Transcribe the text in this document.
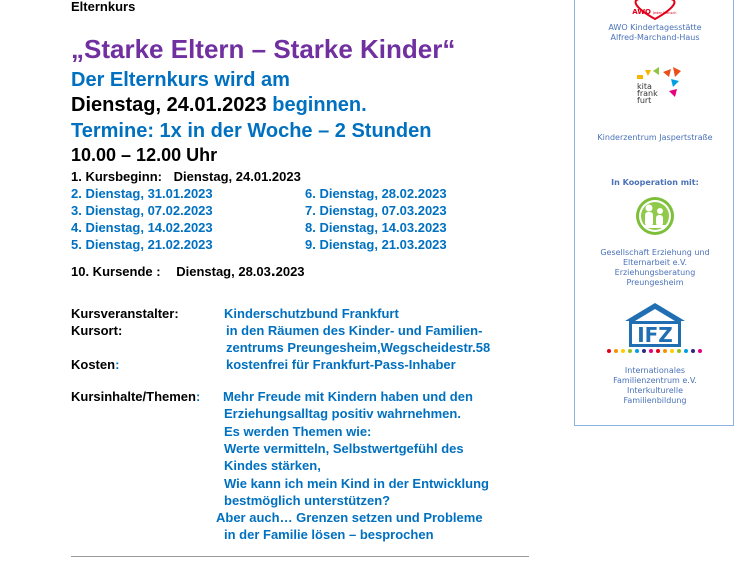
Elternkurs
„Starke Eltern – Starke Kinder“
Der Elternkurs wird am
Dienstag, 24.01.2023 beginnen.
Termine: 1x in der Woche – 2 Stunden
10.00 – 12.00 Uhr
1. Kursbeginn: Dienstag, 24.01.2023
2. Dienstag, 31.01.2023
3. Dienstag, 07.02.2023
4. Dienstag, 14.02.2023
5. Dienstag, 21.02.2023
6. Dienstag, 28.02.2023
7. Dienstag, 07.03.2023
8. Dienstag, 14.03.2023
9. Dienstag, 21.03.2023
10. Kursende : Dienstag, 28.03.2023
Kursveranstalter:	Kinderschutzbund Frankfurt
Kursort:	in den Räumen des Kinder- und Familien-
zentrums Preungesheim,Wegscheidestr.58
Kosten:	kostenfrei für Frankfurt-Pass-Inhaber
Kursinhalte/Themen: Mehr Freude mit Kindern haben und den
Erziehungsalltag positiv wahrnehmen.
Es werden Themen wie:
Werte vermitteln, Selbstwertgefühl des
Kindes stärken,
Wie kann ich mein Kind in der Entwicklung
bestmöglich unterstützen?
Aber auch… Grenzen setzen und Probleme
in der Familie lösen – besprochen
AWO Jeder Mensch
AWO Kindertagesstätte
Alfred-Marchand-Haus
kita
frank
furt
Kinderzentrum Jaspertstraße
In Kooperation mit:
Gesellschaft Erziehung und
Elternarbeit e.V.
Erziehungsberatung
Preungesheim
IFZ
Internationales
Familienzentrum e.V.
Interkulturelle
Familienbildung
